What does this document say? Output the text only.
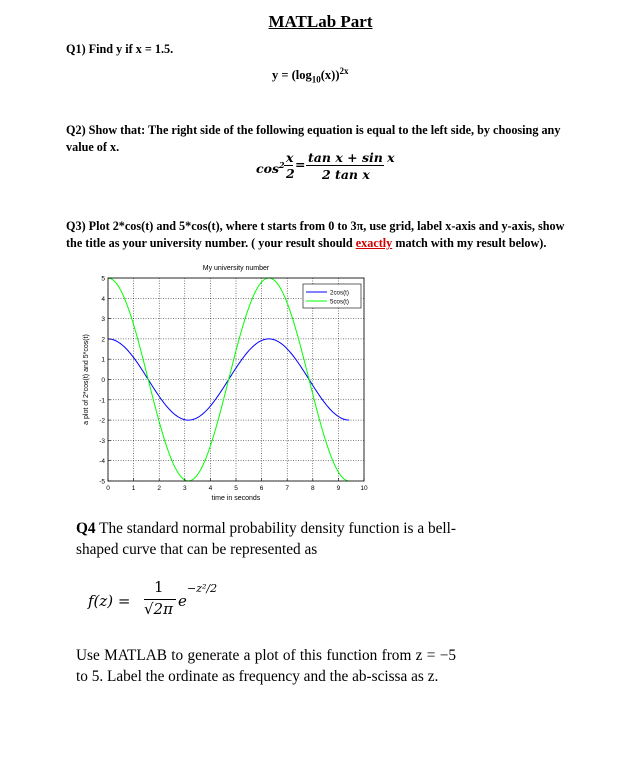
MATLab Part
Q1) Find y if x = 1.5.
$y = (\log_{10}(x))^{2x}$
Q2) Show that: The right side of the following equation is equal to the left side, by choosing any
value of x.
$\cos^2 x$
2
= tan x + sin x
2 tan x
Q3) Plot 2*cos(t) and 5*cos(t), where t starts from 0 to 3π, use grid, label x-axis and y-axis, show
the title as your university number. ( your result should exactly match with my result below).
0	1	2	3	4	5	6	7	8	9	10
-5
-4
-3
-2
-1
0
1
2
3
4
5
My university number
time in seconds
a plot of 2*cos(t) and 5*cos(t)
2cos(t)
5cos(t)
Q4 The standard normal probability density function is a bell-shaped curve that can be represented as
f(z) =
1
√2π e
−z²/2
Use MATLAB to generate a plot of this function from z = −5 to 5. Label the ordinate as frequency and the ab-scissa as z.
